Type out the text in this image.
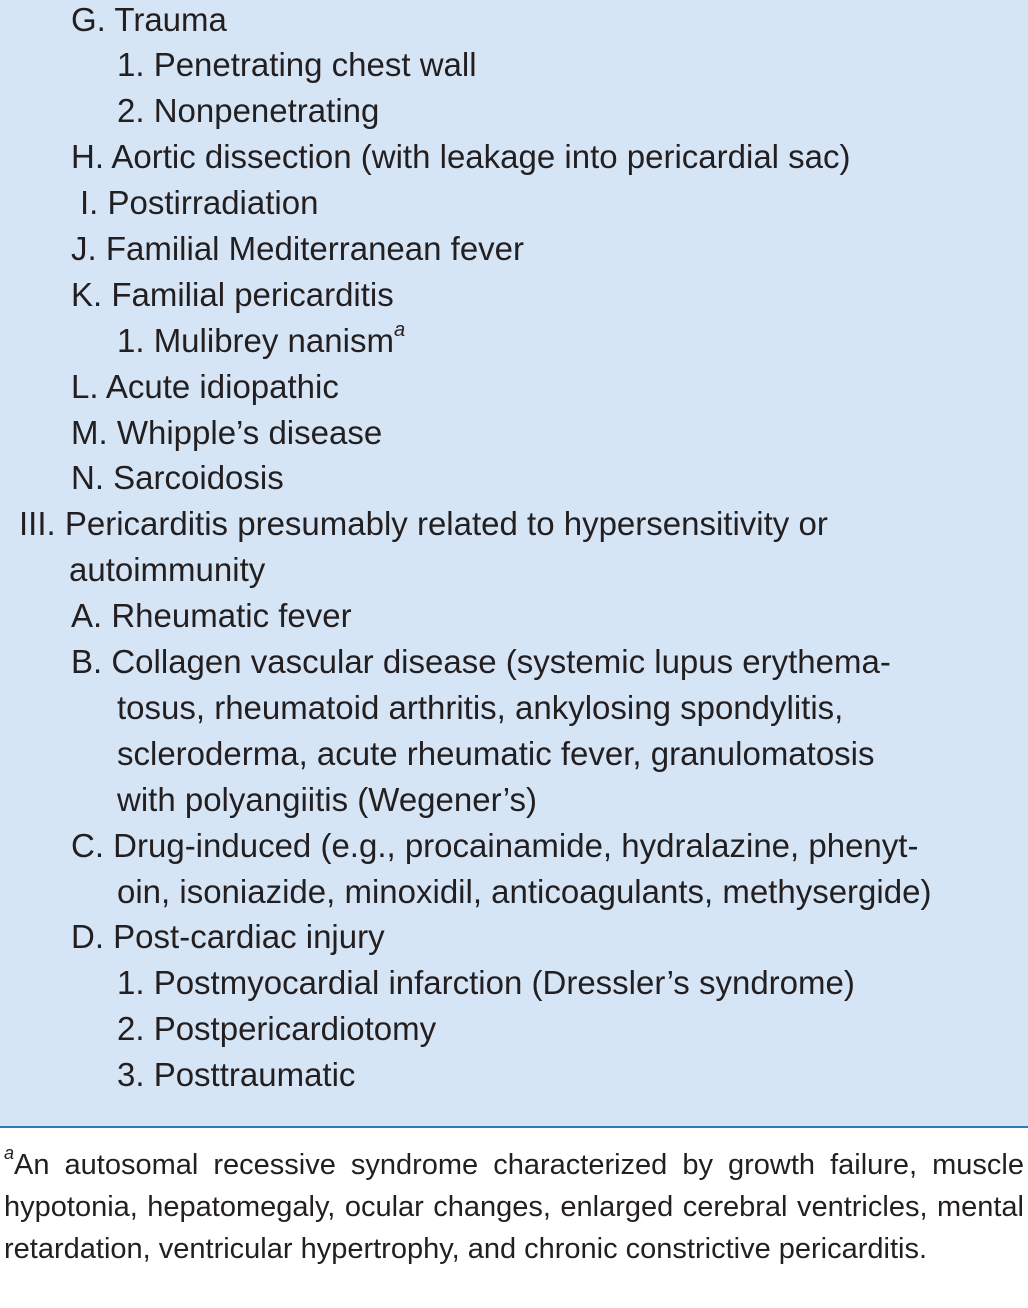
G. Trauma
1. Penetrating chest wall
2. Nonpenetrating
H. Aortic dissection (with leakage into pericardial sac)
I. Postirradiation
J. Familial Mediterranean fever
K. Familial pericarditis
1. Mulibrey nanism$^a$
L. Acute idiopathic
M. Whipple’s disease
N. Sarcoidosis
III. Pericarditis presumably related to hypersensitivity or
autoimmunity
A. Rheumatic fever
B. Collagen vascular disease (systemic lupus erythema-
tosus, rheumatoid arthritis, ankylosing spondylitis,
scleroderma, acute rheumatic fever, granulomatosis
with polyangiitis (Wegener’s)
C. Drug-induced (e.g., procainamide, hydralazine, phenyt-
oin, isoniazide, minoxidil, anticoagulants, methysergide)
D. Post-cardiac injury
1. Postmyocardial infarction (Dressler’s syndrome)
2. Postpericardiotomy
3. Posttraumatic
$^a$An autosomal recessive syndrome characterized by growth failure, muscle hypotonia, hepatomegaly, ocular changes, enlarged cerebral ventricles, mental retardation, ventricular hypertrophy, and chronic constrictive pericarditis.
